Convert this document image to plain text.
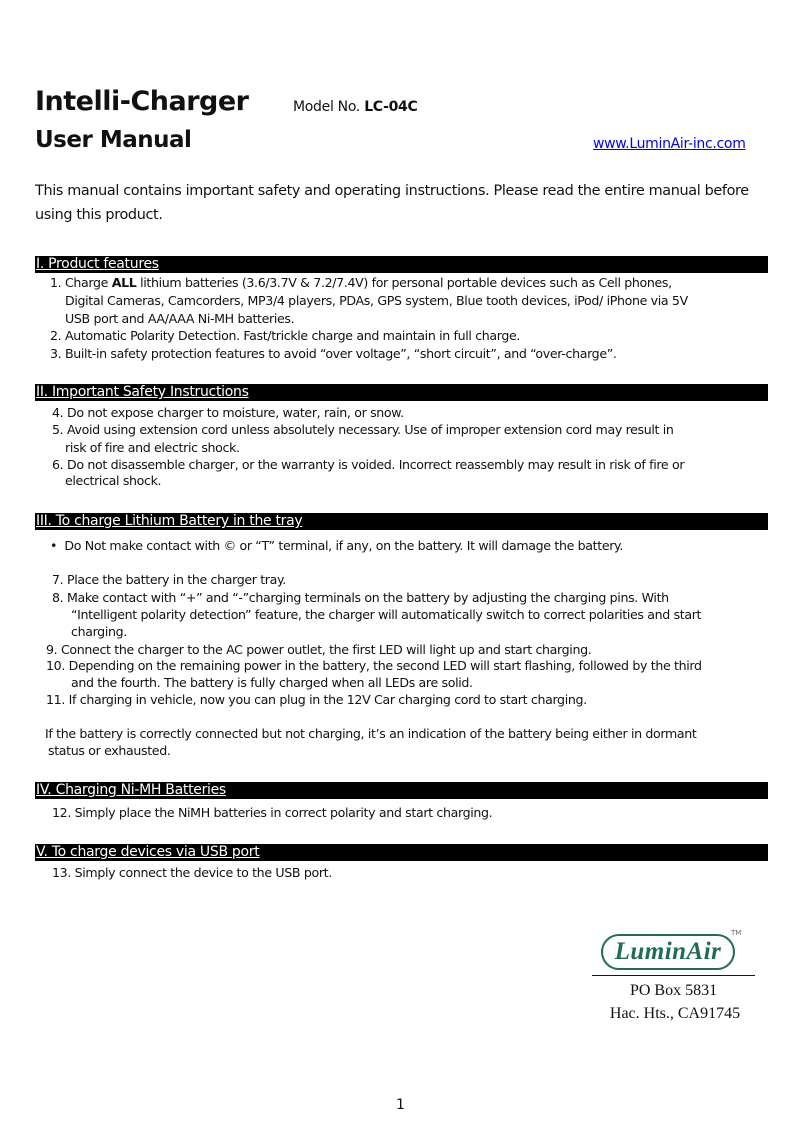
Intelli-Charger	Model No. LC-04C
User Manual	www.LuminAir-inc.com
This manual contains important safety and operating instructions. Please read the entire manual before
using this product.
I. Product features
1. Charge ALL lithium batteries (3.6/3.7V & 7.2/7.4V) for personal portable devices such as Cell phones,
Digital Cameras, Camcorders, MP3/4 players, PDAs, GPS system, Blue tooth devices, iPod/ iPhone via 5V
USB port and AA/AAA Ni-MH batteries.
2. Automatic Polarity Detection. Fast/trickle charge and maintain in full charge.
3. Built-in safety protection features to avoid “over voltage”, “short circuit”, and “over-charge”.
II. Important Safety Instructions
4. Do not expose charger to moisture, water, rain, or snow.
5. Avoid using extension cord unless absolutely necessary. Use of improper extension cord may result in
risk of fire and electric shock.
6. Do not disassemble charger, or the warranty is voided. Incorrect reassembly may result in risk of fire or
electrical shock.
III. To charge Lithium Battery in the tray
• Do Not make contact with © or “T” terminal, if any, on the battery. It will damage the battery.
7. Place the battery in the charger tray.
8. Make contact with “+” and “-”charging terminals on the battery by adjusting the charging pins. With
“Intelligent polarity detection” feature, the charger will automatically switch to correct polarities and start
charging.
9. Connect the charger to the AC power outlet, the first LED will light up and start charging.
10. Depending on the remaining power in the battery, the second LED will start flashing, followed by the third
and the fourth. The battery is fully charged when all LEDs are solid.
11. If charging in vehicle, now you can plug in the 12V Car charging cord to start charging.
If the battery is correctly connected but not charging, it’s an indication of the battery being either in dormant
status or exhausted.
IV. Charging Ni-MH Batteries
12. Simply place the NiMH batteries in correct polarity and start charging.
V. To charge devices via USB port
13. Simply connect the device to the USB port.
LuminAir
TM
PO Box 5831
Hac. Hts., CA91745
1
